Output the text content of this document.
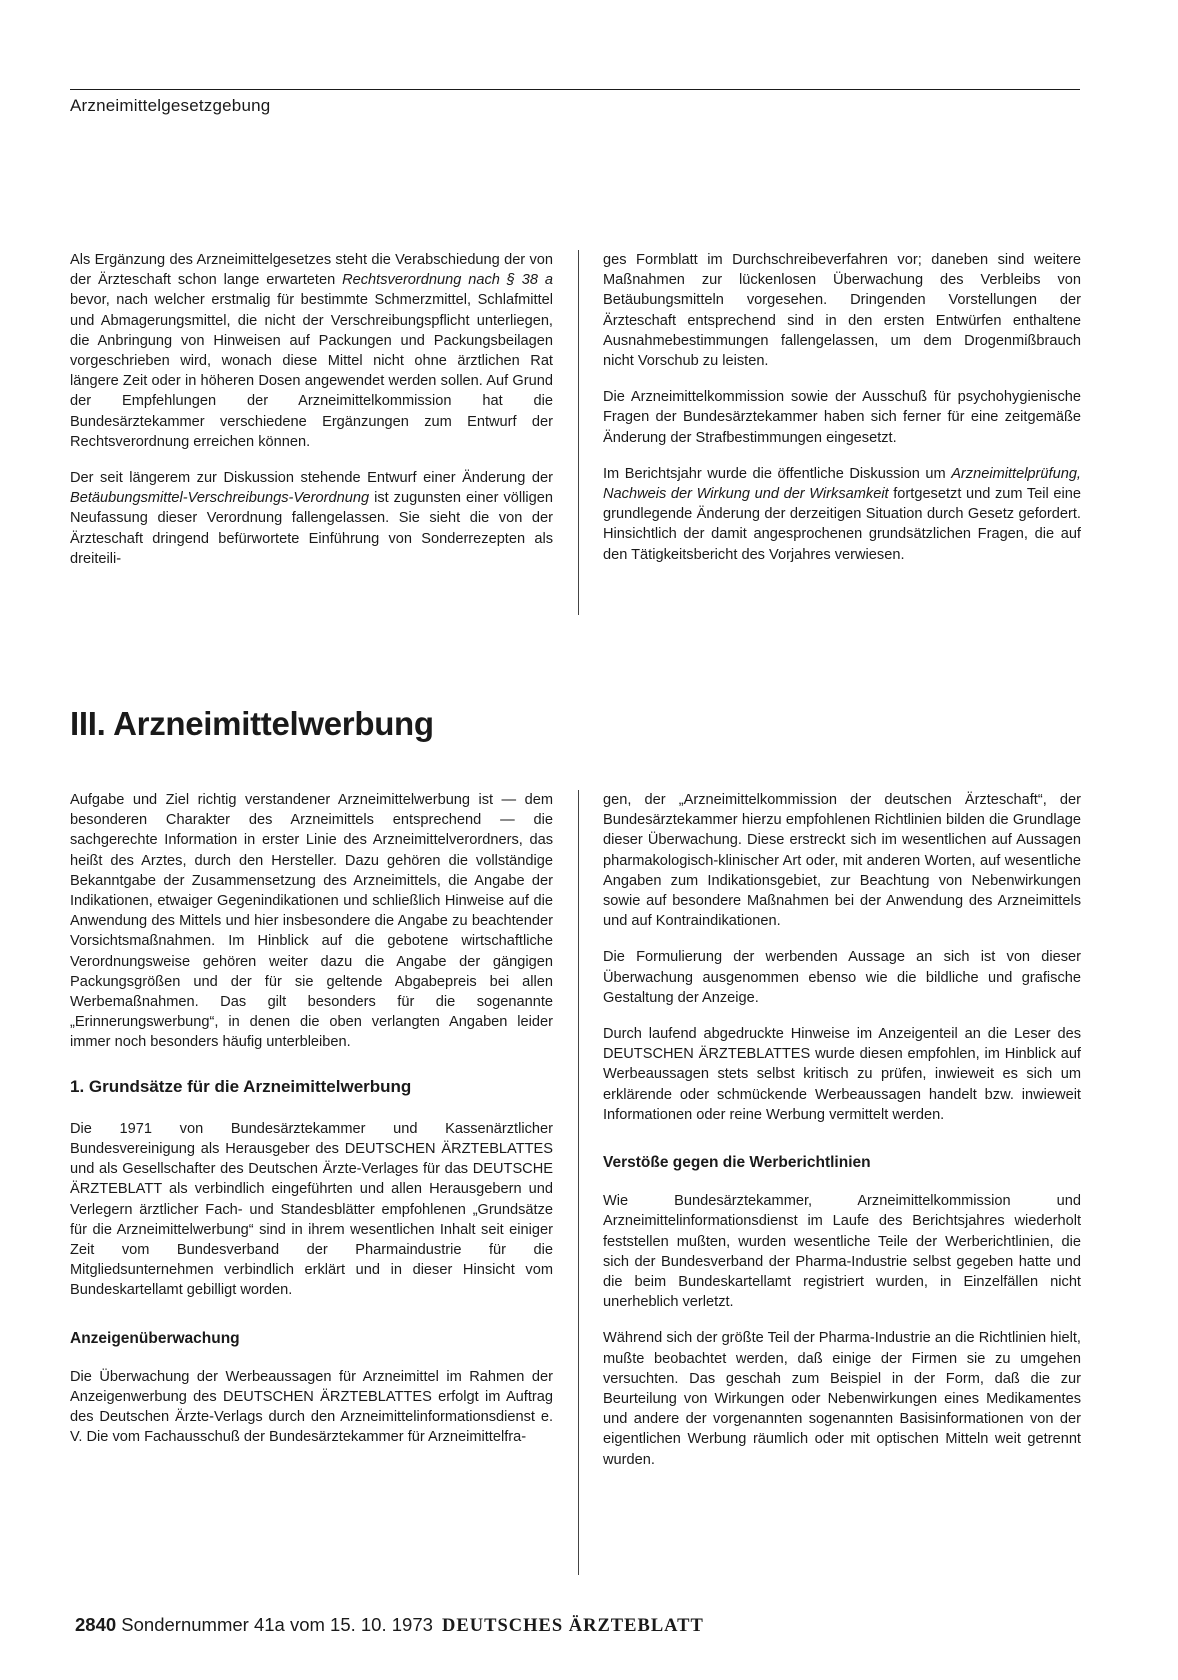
Arzneimittelgesetzgebung

Als Ergänzung des Arzneimittelgesetzes steht die Verabschiedung der von der Ärzteschaft schon lange erwarteten Rechtsverordnung nach § 38 a bevor, nach welcher erstmalig für bestimmte Schmerzmittel, Schlafmittel und Abmagerungsmittel, die nicht der Verschreibungspflicht unterliegen, die Anbringung von Hinweisen auf Packungen und Packungsbeilagen vorgeschrieben wird, wonach diese Mittel nicht ohne ärztlichen Rat längere Zeit oder in höheren Dosen angewendet werden sollen. Auf Grund der Empfehlungen der Arzneimittelkommission hat die Bundesärztekammer verschiedene Ergänzungen zum Entwurf der Rechtsverordnung erreichen können.

Der seit längerem zur Diskussion stehende Entwurf einer Änderung der Betäubungsmittel-Verschreibungs-Verordnung ist zugunsten einer völligen Neufassung dieser Verordnung fallengelassen. Sie sieht die von der Ärzteschaft dringend befürwortete Einführung von Sonderrezepten als dreiteili-

ges Formblatt im Durchschreibeverfahren vor; daneben sind weitere Maßnahmen zur lückenlosen Überwachung des Verbleibs von Betäubungsmitteln vorgesehen. Dringenden Vorstellungen der Ärzteschaft entsprechend sind in den ersten Entwürfen enthaltene Ausnahmebestimmungen fallengelassen, um dem Drogenmißbrauch nicht Vorschub zu leisten.

Die Arzneimittelkommission sowie der Ausschuß für psychohygienische Fragen der Bundesärztekammer haben sich ferner für eine zeitgemäße Änderung der Strafbestimmungen eingesetzt.

Im Berichtsjahr wurde die öffentliche Diskussion um Arzneimittelprüfung, Nachweis der Wirkung und der Wirksamkeit fortgesetzt und zum Teil eine grundlegende Änderung der derzeitigen Situation durch Gesetz gefordert. Hinsichtlich der damit angesprochenen grundsätzlichen Fragen, die auf den Tätigkeitsbericht des Vorjahres verwiesen.

III. Arzneimittelwerbung

Aufgabe und Ziel richtig verstandener Arzneimittelwerbung ist — dem besonderen Charakter des Arzneimittels entsprechend — die sachgerechte Information in erster Linie des Arzneimittelverordners, das heißt des Arztes, durch den Hersteller. Dazu gehören die vollständige Bekanntgabe der Zusammensetzung des Arzneimittels, die Angabe der Indikationen, etwaiger Gegenindikationen und schließlich Hinweise auf die Anwendung des Mittels und hier insbesondere die Angabe zu beachtender Vorsichtsmaßnahmen. Im Hinblick auf die gebotene wirtschaftliche Verordnungsweise gehören weiter dazu die Angabe der gängigen Packungsgrößen und der für sie geltende Abgabepreis bei allen Werbemaßnahmen. Das gilt besonders für die sogenannte „Erinnerungswerbung“, in denen die oben verlangten Angaben leider immer noch besonders häufig unterbleiben.

1. Grundsätze für die Arzneimittelwerbung

Die 1971 von Bundesärztekammer und Kassenärztlicher Bundesvereinigung als Herausgeber des DEUTSCHEN ÄRZTEBLATTES und als Gesellschafter des Deutschen Ärzte-Verlages für das DEUTSCHE ÄRZTEBLATT als verbindlich eingeführten und allen Herausgebern und Verlegern ärztlicher Fach- und Standesblätter empfohlenen „Grundsätze für die Arzneimittelwerbung“ sind in ihrem wesentlichen Inhalt seit einiger Zeit vom Bundesverband der Pharmaindustrie für die Mitgliedsunternehmen verbindlich erklärt und in dieser Hinsicht vom Bundeskartellamt gebilligt worden.

Anzeigenüberwachung

Die Überwachung der Werbeaussagen für Arzneimittel im Rahmen der Anzeigenwerbung des DEUTSCHEN ÄRZTEBLATTES erfolgt im Auftrag des Deutschen Ärzte-Verlags durch den Arzneimittelinformationsdienst e. V. Die vom Fachausschuß der Bundesärztekammer für Arzneimittelfra-

gen, der „Arzneimittelkommission der deutschen Ärzteschaft“, der Bundesärztekammer hierzu empfohlenen Richtlinien bilden die Grundlage dieser Überwachung. Diese erstreckt sich im wesentlichen auf Aussagen pharmakologisch-klinischer Art oder, mit anderen Worten, auf wesentliche Angaben zum Indikationsgebiet, zur Beachtung von Nebenwirkungen sowie auf besondere Maßnahmen bei der Anwendung des Arzneimittels und auf Kontraindikationen.

Die Formulierung der werbenden Aussage an sich ist von dieser Überwachung ausgenommen ebenso wie die bildliche und grafische Gestaltung der Anzeige.

Durch laufend abgedruckte Hinweise im Anzeigenteil an die Leser des DEUTSCHEN ÄRZTEBLATTES wurde diesen empfohlen, im Hinblick auf Werbeaussagen stets selbst kritisch zu prüfen, inwieweit es sich um erklärende oder schmückende Werbeaussagen handelt bzw. inwieweit Informationen oder reine Werbung vermittelt werden.

Verstöße gegen die Werberichtlinien

Wie Bundesärztekammer, Arzneimittelkommission und Arzneimittelinformationsdienst im Laufe des Berichtsjahres wiederholt feststellen mußten, wurden wesentliche Teile der Werberichtlinien, die sich der Bundesverband der Pharma-Industrie selbst gegeben hatte und die beim Bundeskartellamt registriert wurden, in Einzelfällen nicht unerheblich verletzt.

Während sich der größte Teil der Pharma-Industrie an die Richtlinien hielt, mußte beobachtet werden, daß einige der Firmen sie zu umgehen versuchten. Das geschah zum Beispiel in der Form, daß die zur Beurteilung von Wirkungen oder Nebenwirkungen eines Medikamentes und andere der vorgenannten sogenannten Basisinformationen von der eigentlichen Werbung räumlich oder mit optischen Mitteln weit getrennt wurden.

2840 Sondernummer 41a vom 15. 10. 1973 DEUTSCHES ÄRZTEBLATT
